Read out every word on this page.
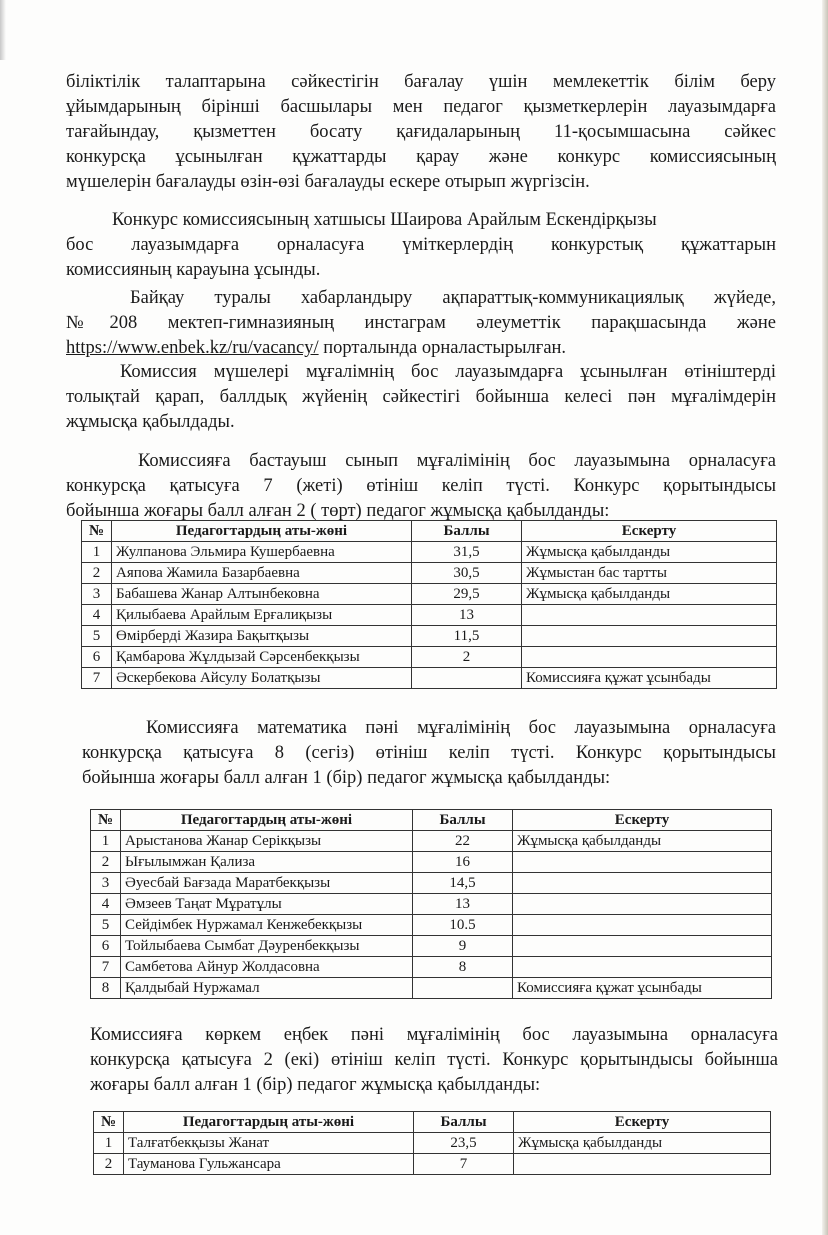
біліктілік талаптарына сәйкестігін бағалау үшін мемлекеттік білім беру
ұйымдарының бірінші басшылары мен педагог қызметкерлерін лауазымдарға
тағайындау, қызметтен босату қағидаларының 11-қосымшасына сәйкес
конкурсқа ұсынылған құжаттарды қарау және конкурс комиссиясының
мүшелерін бағалауды өзін-өзі бағалауды ескере отырып жүргізсін.
Конкурс комиссиясының хатшысы Шаирова Арайлым Ескендірқызы
бос лауазымдарға орналасуға үміткерлердің конкурстық құжаттарын
комиссияның карауына ұсынды.
Байқау туралы хабарландыру ақпараттық-коммуникациялық жүйеде,
№208 мектеп-гимназияның инстаграм әлеуметтік парақшасында және
https://www.enbek.kz/ru/vacancy/ порталында орналастырылған.
Комиссия мүшелері мұғалімнің бос лауазымдарға ұсынылған өтініштерді
толықтай қарап, баллдық жүйенің сәйкестігі бойынша келесі пән мұғалімдерін
жұмысқа қабылдады.
Комиссияға бастауыш сынып мұғалімінің бос лауазымына орналасуға
конкурсқа қатысуға 7 (жеті) өтініш келіп түсті. Конкурс қорытындысы
бойынша жоғары балл алған 2 ( төрт) педагог жұмысқа қабылданды:
№	Педагогтардың аты-жөні	Баллы	Ескерту
1	Жулпанова Эльмира Кушербаевна	31,5	Жұмысқа қабылданды
2	Аяпова Жамила Базарбаевна	30,5	Жұмыстан бас тартты
3	Бабашева Жанар Алтынбековна	29,5	Жұмысқа қабылданды
4	Қилыбаева Арайлым Ерғалиқызы	13	
5	Өмірберді Жазира Бақытқызы	11,5	
6	Қамбарова Жұлдызай Сәрсенбекқызы	2	
7	Әскербекова Айсулу Болатқызы		Комиссияға құжат ұсынбады
Комиссияға математика пәні мұғалімінің бос лауазымына орналасуға
конкурсқа қатысуға 8 (сегіз) өтініш келіп түсті. Конкурс қорытындысы
бойынша жоғары балл алған 1 (бір) педагог жұмысқа қабылданды:
№	Педагогтардың аты-жөні	Баллы	Ескерту
1	Арыстанова Жанар Серікқызы	22	Жұмысқа қабылданды
2	Ығылымжан Қализа	16	
3	Әуесбай Бағзада Маратбекқызы	14,5	
4	Әмзеев Таңат Мұратұлы	13	
5	Сейдімбек Нуржамал Кенжебекқызы	10.5	
6	Тойлыбаева Сымбат Дәуренбекқызы	9	
7	Самбетова Айнур Жолдасовна	8	
8	Қалдыбай Нуржамал		Комиссияға құжат ұсынбады
Комиссияға көркем еңбек пәні мұғалімінің бос лауазымына орналасуға
конкурсқа қатысуға 2 (екі) өтініш келіп түсті. Конкурс қорытындысы бойынша
жоғары балл алған 1 (бір) педагог жұмысқа қабылданды:
№	Педагогтардың аты-жөні	Баллы	Ескерту
1	Талғатбекқызы Жанат	23,5	Жұмысқа қабылданды
2	Тауманова Гульжансара	7	
